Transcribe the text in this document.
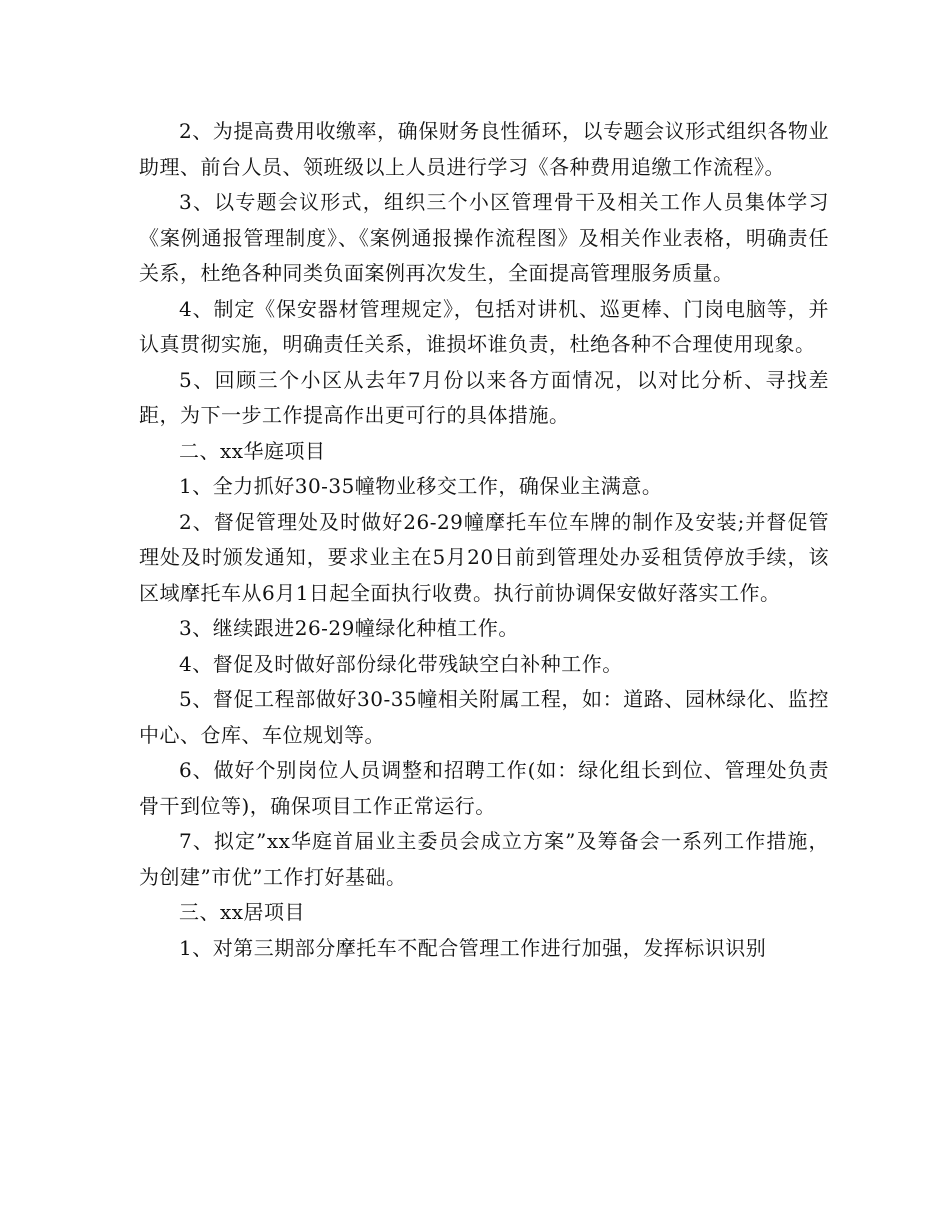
2、为提高费用收缴率，确保财务良性循环，以专题会议形式组织各物业助理、前台人员、领班级以上人员进行学习《各种费用追缴工作流程》。

3、以专题会议形式，组织三个小区管理骨干及相关工作人员集体学习《案例通报管理制度》、《案例通报操作流程图》及相关作业表格，明确责任关系，杜绝各种同类负面案例再次发生，全面提高管理服务质量。

4、制定《保安器材管理规定》，包括对讲机、巡更棒、门岗电脑等，并认真贯彻实施，明确责任关系，谁损坏谁负责，杜绝各种不合理使用现象。

5、回顾三个小区从去年7月份以来各方面情况，以对比分析、寻找差距，为下一步工作提高作出更可行的具体措施。

二、xx华庭项目

1、全力抓好30-35幢物业移交工作，确保业主满意。

2、督促管理处及时做好26-29幢摩托车位车牌的制作及安装;并督促管理处及时颁发通知，要求业主在5月20日前到管理处办妥租赁停放手续，该区域摩托车从6月1日起全面执行收费。执行前协调保安做好落实工作。

3、继续跟进26-29幢绿化种植工作。

4、督促及时做好部份绿化带残缺空白补种工作。

5、督促工程部做好30-35幢相关附属工程，如：道路、园林绿化、监控中心、仓库、车位规划等。

6、做好个别岗位人员调整和招聘工作(如：绿化组长到位、管理处负责骨干到位等)，确保项目工作正常运行。

7、拟定”xx华庭首届业主委员会成立方案”及筹备会一系列工作措施，为创建”市优”工作打好基础。

三、xx居项目

1、对第三期部分摩托车不配合管理工作进行加强，发挥标识识别
